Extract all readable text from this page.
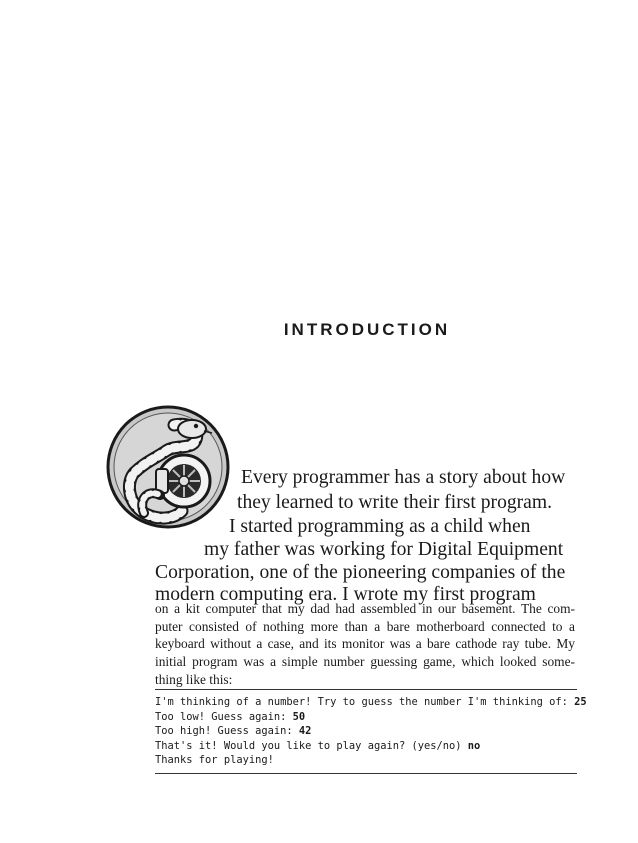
INTRODUCTION
Every programmer has a story about how
they learned to write their first program.
I started programming as a child when
my father was working for Digital Equipment
Corporation, one of the pioneering companies of the
modern computing era. I wrote my first program
on a kit computer that my dad had assembled in our basement. The com-
puter consisted of nothing more than a bare motherboard connected to a
keyboard without a case, and its monitor was a bare cathode ray tube. My
initial program was a simple number guessing game, which looked some-
thing like this:
I'm thinking of a number! Try to guess the number I'm thinking of: 25
Too low! Guess again: 50
Too high! Guess again: 42
That's it! Would you like to play again? (yes/no) no
Thanks for playing!
